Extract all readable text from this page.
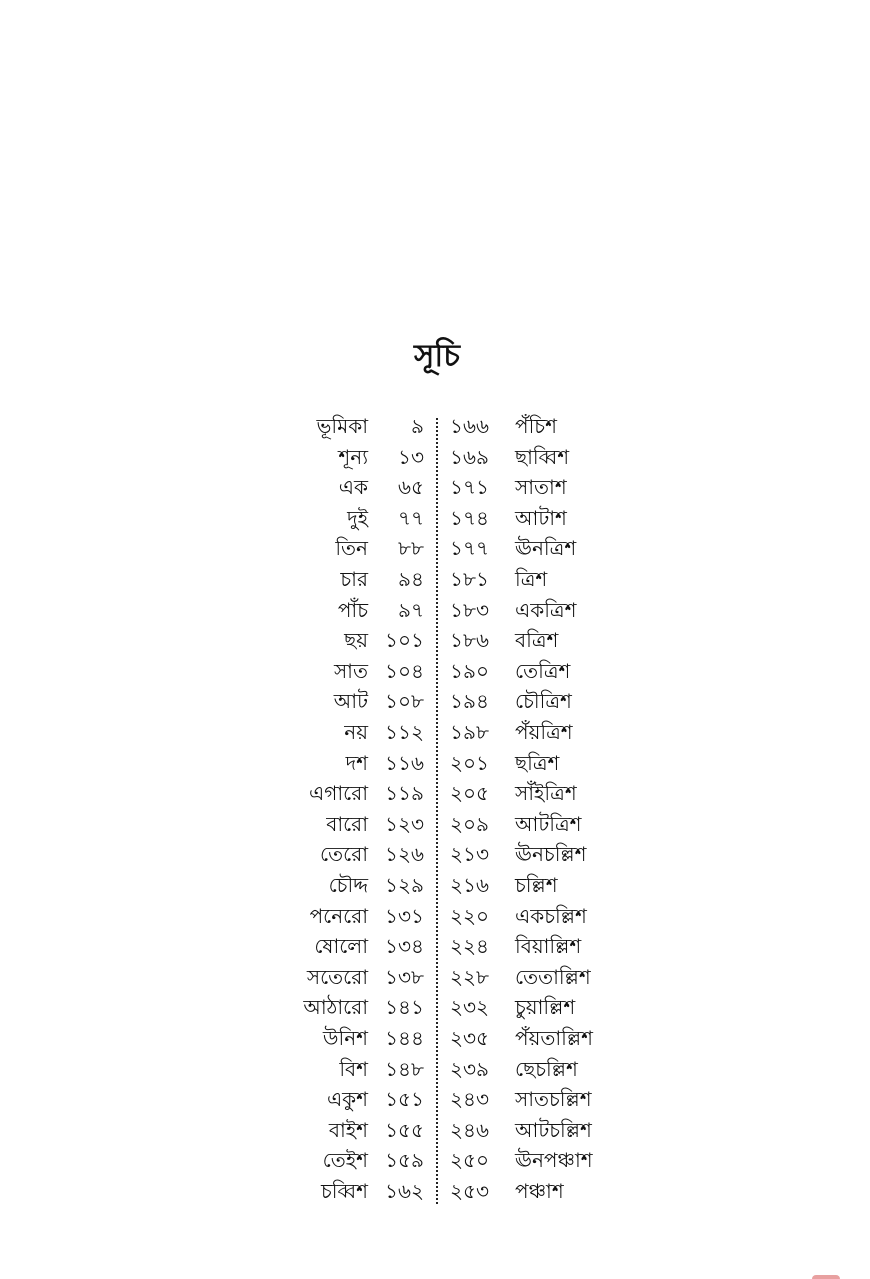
সূচি
ভূমিকা ৯ ১৬৬ পঁচিশ
শূন্য ১৩ ১৬৯ ছাব্বিশ
এক ৬৫ ১৭১ সাতাশ
দুই ৭৭ ১৭৪ আটাশ
তিন ৮৮ ১৭৭ ঊনত্রিশ
চার ৯৪ ১৮১ ত্রিশ
পাঁচ ৯৭ ১৮৩ একত্রিশ
ছয় ১০১ ১৮৬ বত্রিশ
সাত ১০৪ ১৯০ তেত্রিশ
আট ১০৮ ১৯৪ চৌত্রিশ
নয় ১১২ ১৯৮ পঁয়ত্রিশ
দশ ১১৬ ২০১ ছত্রিশ
এগারো ১১৯ ২০৫ সাঁইত্রিশ
বারো ১২৩ ২০৯ আটত্রিশ
তেরো ১২৬ ২১৩ ঊনচল্লিশ
চৌদ্দ ১২৯ ২১৬ চল্লিশ
পনেরো ১৩১ ২২০ একচল্লিশ
ষোলো ১৩৪ ২২৪ বিয়াল্লিশ
সতেরো ১৩৮ ২২৮ তেতাল্লিশ
আঠারো ১৪১ ২৩২ চুয়াল্লিশ
উনিশ ১৪৪ ২৩৫ পঁয়তাল্লিশ
বিশ ১৪৮ ২৩৯ ছেচল্লিশ
একুশ ১৫১ ২৪৩ সাতচল্লিশ
বাইশ ১৫৫ ২৪৬ আটচল্লিশ
তেইশ ১৫৯ ২৫০ ঊনপঞ্চাশ
চব্বিশ ১৬২ ২৫৩ পঞ্চাশ
